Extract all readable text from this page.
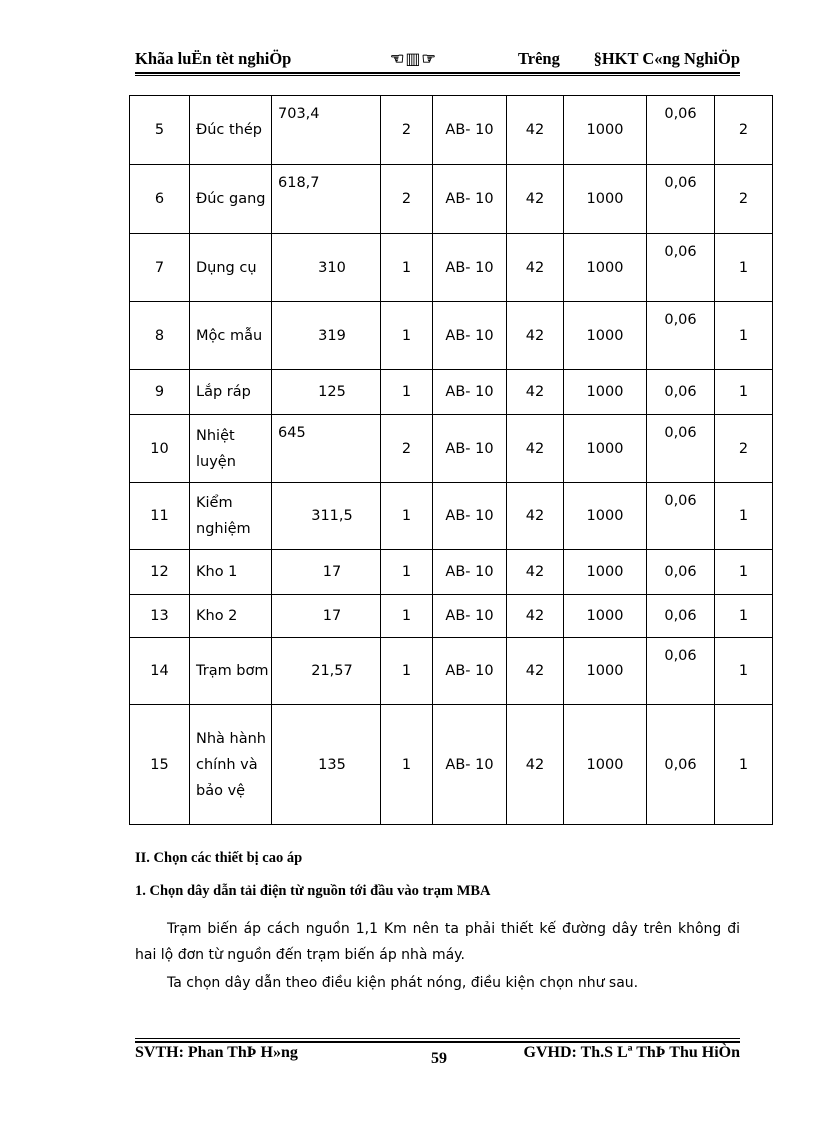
Khãa luËn tèt nghiÖp	☜▥☞	Trêng §HKT C«ng NghiÖp
5	Đúc thép	703,4	2	AB- 10	42	1000	0,06	2
6	Đúc gang	618,7	2	AB- 10	42	1000	0,06	2
7	Dụng cụ	310	1	AB- 10	42	1000	0,06	1
8	Mộc mẫu	319	1	AB- 10	42	1000	0,06	1
9	Lắp ráp	125	1	AB- 10	42	1000	0,06	1
10	Nhiệt luyện	645	2	AB- 10	42	1000	0,06	2
11	Kiểm nghiệm	311,5	1	AB- 10	42	1000	0,06	1
12	Kho 1	17	1	AB- 10	42	1000	0,06	1
13	Kho 2	17	1	AB- 10	42	1000	0,06	1
14	Trạm bơm	21,57	1	AB- 10	42	1000	0,06	1
15	Nhà hành chính và bảo vệ	135	1	AB- 10	42	1000	0,06	1
II. Chọn các thiết bị cao áp
1. Chọn dây dẫn tải điện từ nguồn tới đầu vào trạm MBA
Trạm biến áp cách nguồn 1,1 Km nên ta phải thiết kế đường dây trên không đi hai lộ đơn từ nguồn đến trạm biến áp nhà máy.
Ta chọn dây dẫn theo điều kiện phát nóng, điều kiện chọn như sau.
SVTH: Phan ThÞ H»ng	59	GVHD: Th.S Lª ThÞ Thu HiÒn
